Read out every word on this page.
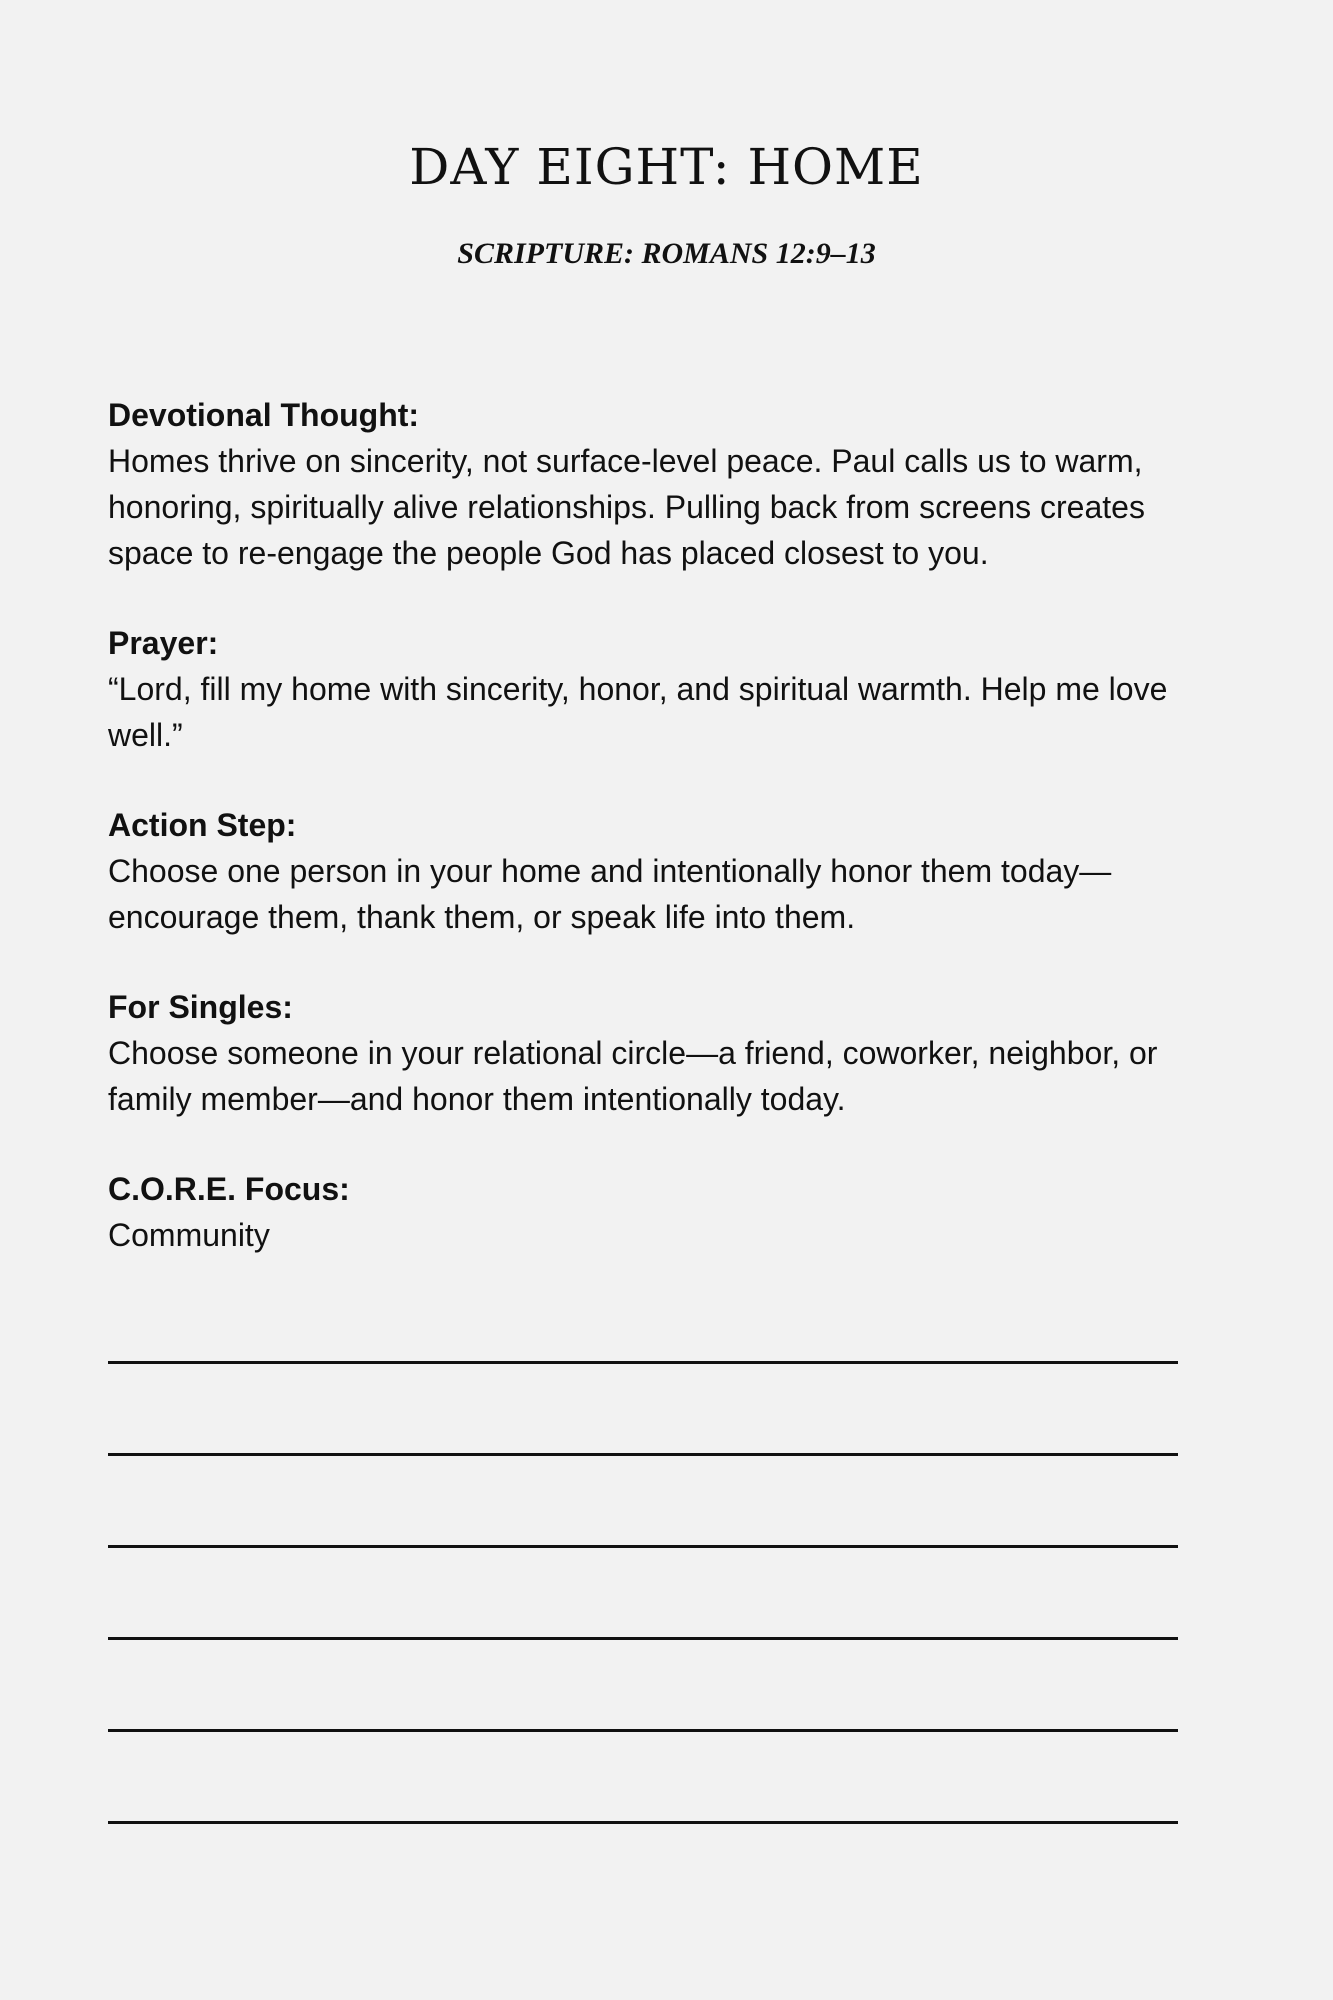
DAY EIGHT: HOME
SCRIPTURE: ROMANS 12:9–13

Devotional Thought:

Homes thrive on sincerity, not surface-level peace. Paul calls us to warm, honoring, spiritually alive relationships. Pulling back from screens creates space to re-engage the people God has placed closest to you.

Prayer:

“Lord, fill my home with sincerity, honor, and spiritual warmth. Help me love well.”

Action Step:

Choose one person in your home and intentionally honor them today—encourage them, thank them, or speak life into them.

For Singles:

Choose someone in your relational circle—a friend, coworker, neighbor, or family member—and honor them intentionally today.

C.O.R.E. Focus:

Community
